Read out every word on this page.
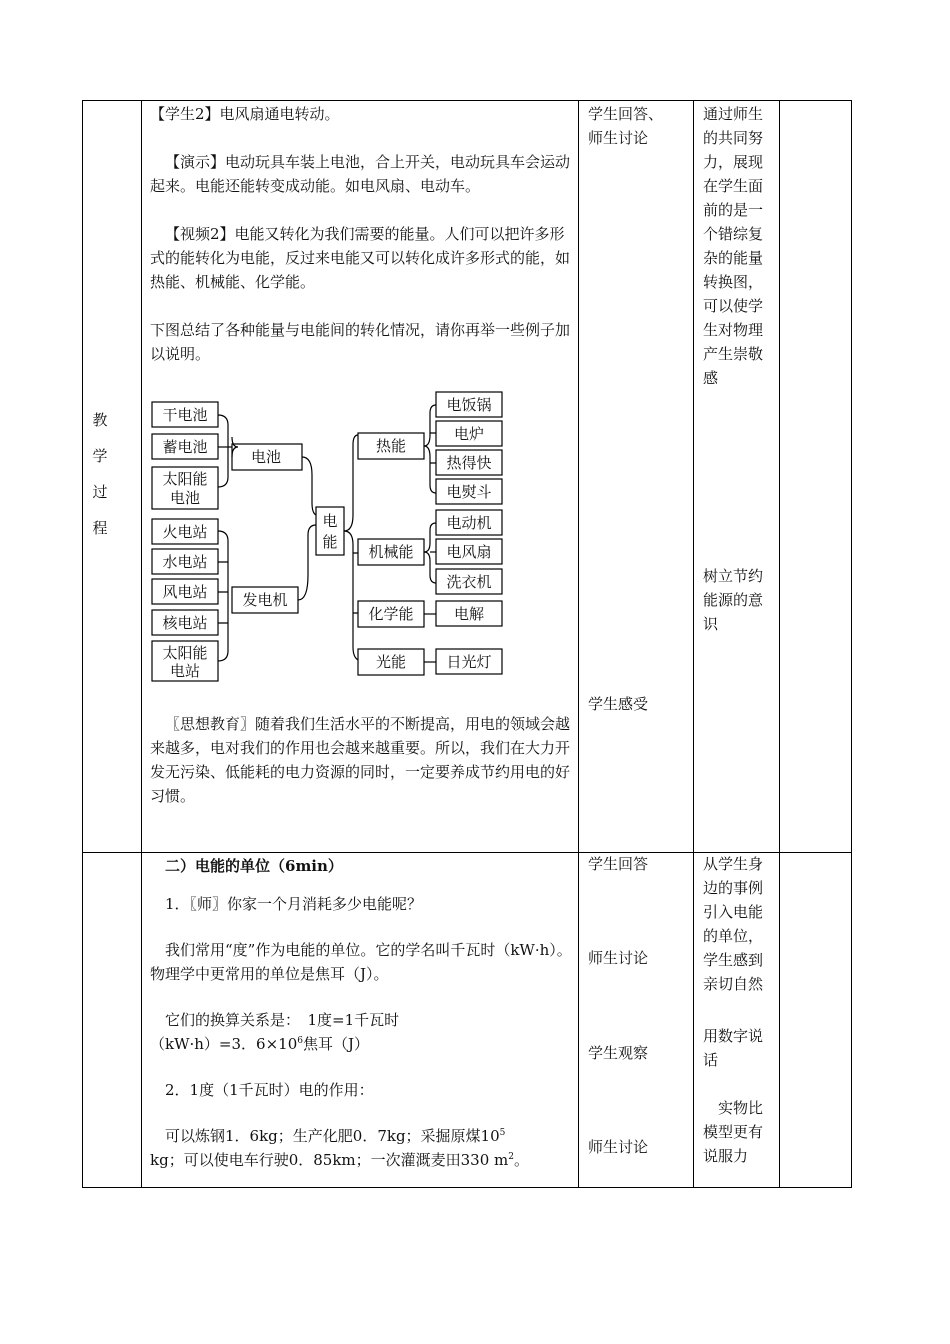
教
学
过
程

【学生2】电风扇通电转动。

【演示】电动玩具车装上电池，合上开关，电动玩具车会运动起来。电能还能转变成动能。如电风扇、电动车。

【视频2】电能又转化为我们需要的能量。人们可以把许多形式的能转化为电能，反过来电能又可以转化成许多形式的能，如热能、机械能、化学能。

下图总结了各种能量与电能间的转化情况，请你再举一些例子加以说明。

干电池
蓄电池
太阳能
电池
火电站
水电站
风电站
核电站
太阳能
电站
电池
发电机
电
能
热能
机械能
化学能
光能
电饭锅
电炉
热得快
电熨斗
电动机
电风扇
洗衣机
电解
日光灯

〖思想教育〗随着我们生活水平的不断提高，用电的领域会越来越多，电对我们的作用也会越来越重要。所以，我们在大力开发无污染、低能耗的电力资源的同时，一定要养成节约用电的好习惯。

学生回答、

师生讨论

学生感受

通过师生的共同努力，展现在学生面前的是一个错综复杂的能量转换图，可以使学生对物理产生崇敬感

树立节约能源的意识

二）电能的单位（6min）

1．〖师〗你家一个月消耗多少电能呢？

我们常用“度”作为电能的单位。它的学名叫千瓦时（kW·h）。物理学中更常用的单位是焦耳（J）。

它们的换算关系是：　1度=1千瓦时

（kW·h）=3．$6\times 10^6$焦耳（J）

2．1度（1千瓦时）电的作用：

可以炼钢1．6kg；生产化肥0．7kg；采掘原煤$10^5$

kg；可以使电车行驶0．85km；一次灌溉麦田330 $m^2$。

学生回答

师生讨论

学生观察

师生讨论

从学生身边的事例引入电能的单位，学生感到亲切自然

用数字说话

实物比模型更有说服力
